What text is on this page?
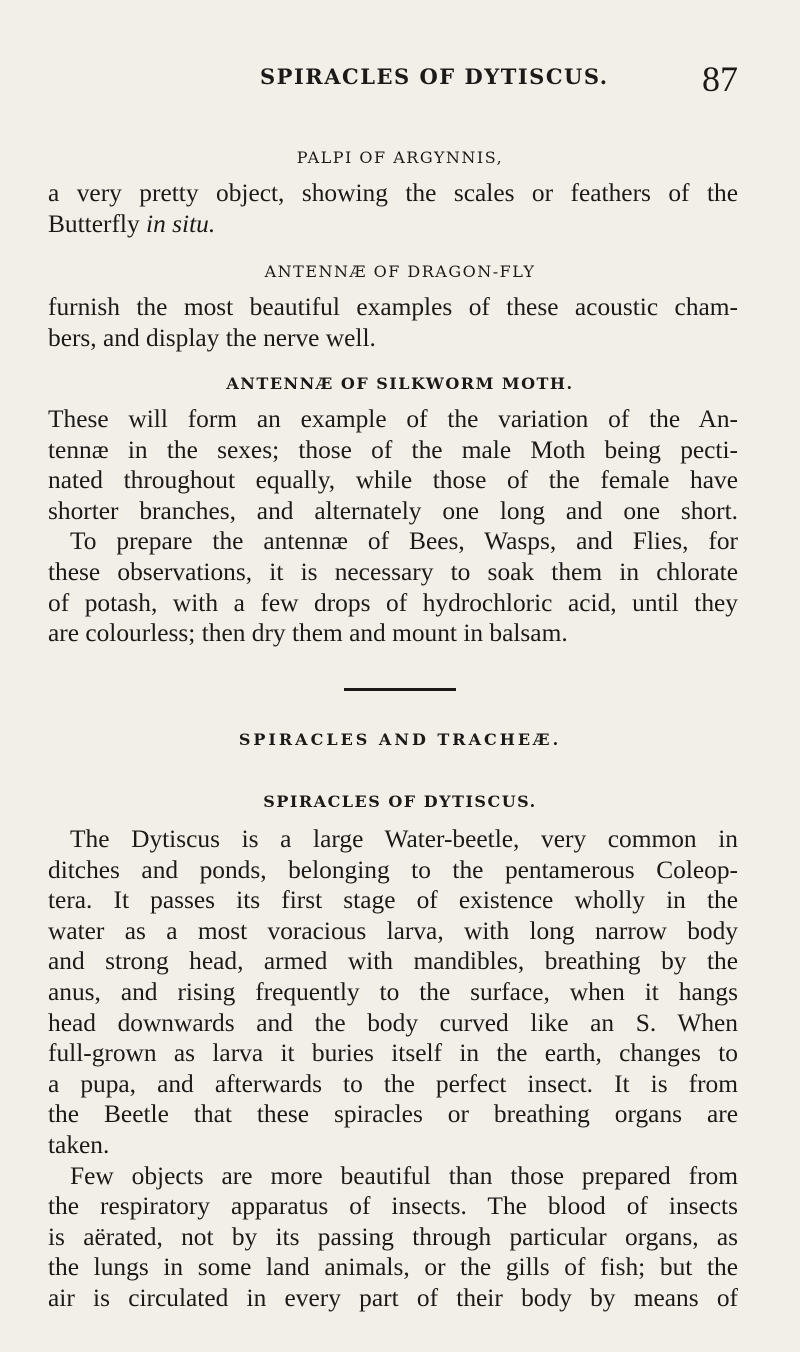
SPIRACLES OF DYTISCUS.	87
PALPI OF ARGYNNIS,
a very pretty object, showing the scales or feathers of the
Butterfly in situ.
ANTENNÆ OF DRAGON-FLY
furnish the most beautiful examples of these acoustic cham-
bers, and display the nerve well.
ANTENNÆ OF SILKWORM MOTH.
These will form an example of the variation of the An-
tennæ in the sexes; those of the male Moth being pecti-
nated throughout equally, while those of the female have
shorter branches, and alternately one long and one short.
To prepare the antennæ of Bees, Wasps, and Flies, for
these observations, it is necessary to soak them in chlorate
of potash, with a few drops of hydrochloric acid, until they
are colourless; then dry them and mount in balsam.
SPIRACLES AND TRACHEÆ.
SPIRACLES OF DYTISCUS.
The Dytiscus is a large Water-beetle, very common in
ditches and ponds, belonging to the pentamerous Coleop-
tera. It passes its first stage of existence wholly in the
water as a most voracious larva, with long narrow body
and strong head, armed with mandibles, breathing by the
anus, and rising frequently to the surface, when it hangs
head downwards and the body curved like an S. When
full-grown as larva it buries itself in the earth, changes to
a pupa, and afterwards to the perfect insect. It is from
the Beetle that these spiracles or breathing organs are
taken.
Few objects are more beautiful than those prepared from
the respiratory apparatus of insects. The blood of insects
is aërated, not by its passing through particular organs, as
the lungs in some land animals, or the gills of fish; but the
air is circulated in every part of their body by means of
